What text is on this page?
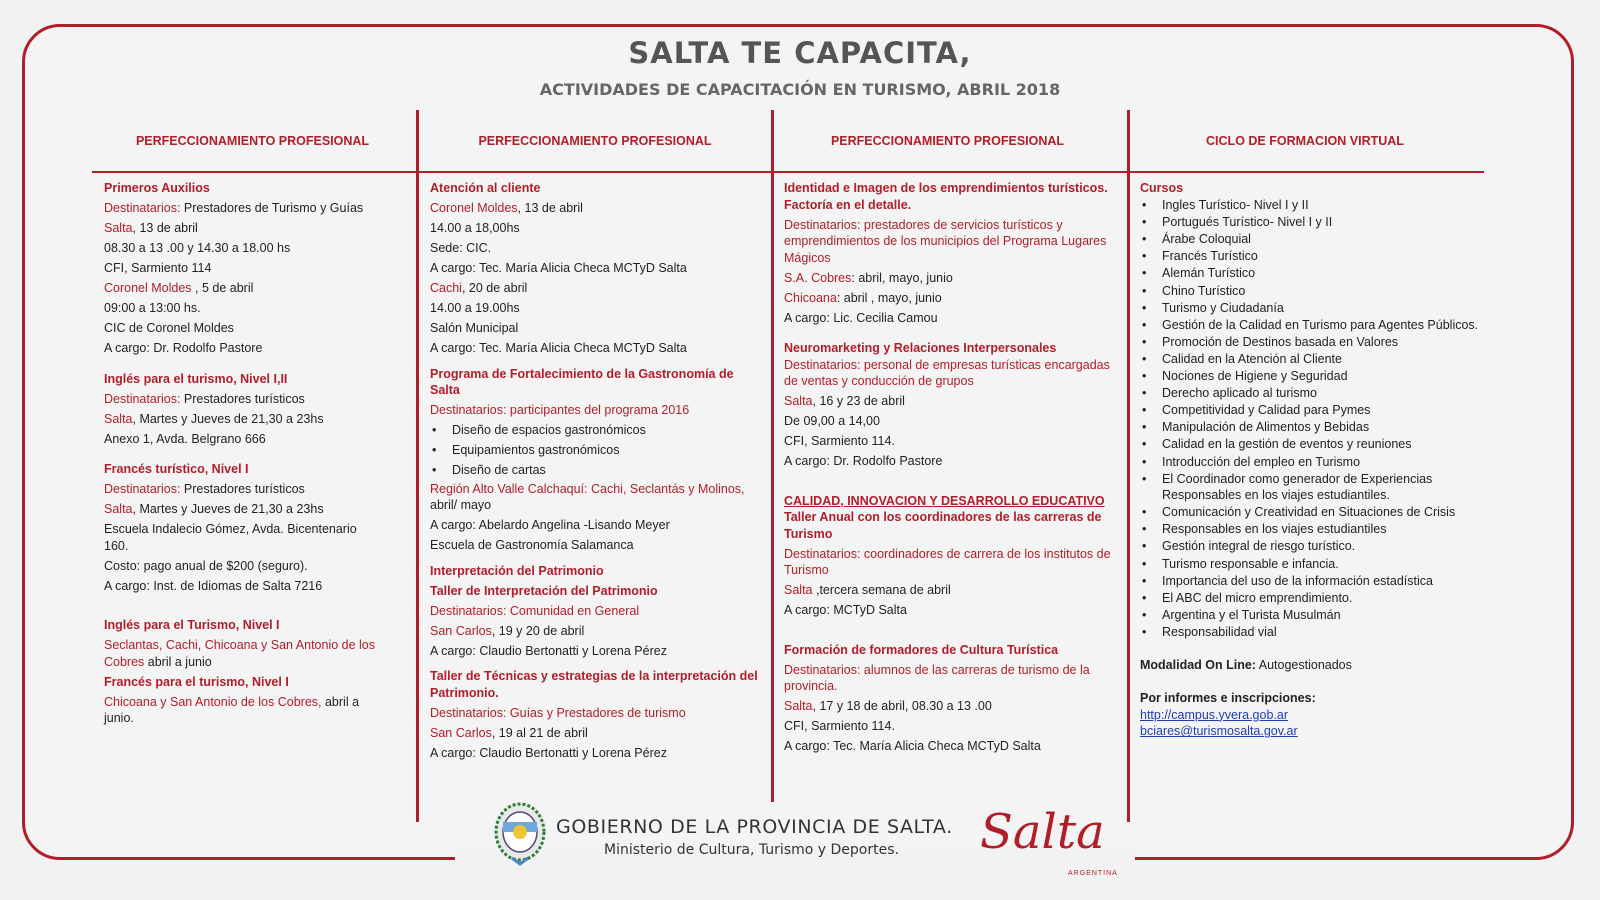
SALTA TE CAPACITA,
ACTIVIDADES DE CAPACITACIÓN EN TURISMO, ABRIL 2018
PERFECCIONAMIENTO PROFESIONAL	PERFECCIONAMIENTO PROFESIONAL	PERFECCIONAMIENTO PROFESIONAL	CICLO DE FORMACION VIRTUAL
Primeros Auxilios
Destinatarios: Prestadores de Turismo y Guías
Salta, 13 de abril
08.30 a 13 .00 y 14.30 a 18.00 hs
CFI, Sarmiento 114
Coronel Moldes , 5 de abril
09:00 a 13:00 hs.
CIC de Coronel Moldes
A cargo: Dr. Rodolfo Pastore
Inglés para el turismo, Nivel I,II
Destinatarios: Prestadores turísticos
Salta, Martes y Jueves de 21,30 a 23hs
Anexo 1, Avda. Belgrano 666
Francés turístico, Nivel I
Destinatarios: Prestadores turísticos
Salta, Martes y Jueves de 21,30 a 23hs
Escuela Indalecio Gómez, Avda. Bicentenario 160.
Costo: pago anual de $200 (seguro).
A cargo: Inst. de Idiomas de Salta 7216
Inglés para el Turismo, Nivel I
Seclantas, Cachi, Chicoana y San Antonio de los Cobres abril a junio
Francés para el turismo, Nivel I
Chicoana y San Antonio de los Cobres, abril a junio.
Atención al cliente
Coronel Moldes, 13 de abril
14.00 a 18,00hs
Sede: CIC.
A cargo: Tec. María Alicia Checa MCTyD Salta
Cachi, 20 de abril
14.00 a 19.00hs
Salón Municipal
A cargo: Tec. María Alicia Checa MCTyD Salta
Programa de Fortalecimiento de la Gastronomía de Salta
Destinatarios: participantes del programa 2016
• Diseño de espacios gastronómicos
• Equipamientos gastronómicos
• Diseño de cartas
Región Alto Valle Calchaquí: Cachi, Seclantás y Molinos, abril/ mayo
A cargo: Abelardo Angelina -Lisando Meyer
Escuela de Gastronomía Salamanca
Interpretación del Patrimonio
Taller de Interpretación del Patrimonio
Destinatarios: Comunidad en General
San Carlos, 19 y 20 de abril
A cargo: Claudio Bertonatti y Lorena Pérez
Taller de Técnicas y estrategias de la interpretación del Patrimonio.
Destinatarios: Guías y Prestadores de turismo
San Carlos, 19 al 21 de abril
A cargo: Claudio Bertonatti y Lorena Pérez
Identidad e Imagen de los emprendimientos turísticos. Factoría en el detalle.
Destinatarios: prestadores de servicios turísticos y emprendimientos de los municipios del Programa Lugares Mágicos
S.A. Cobres: abril, mayo, junio
Chicoana: abril , mayo, junio
A cargo: Lic. Cecilia Camou
Neuromarketing y Relaciones Interpersonales
Destinatarios: personal de empresas turísticas encargadas de ventas y conducción de grupos
Salta, 16 y 23 de abril
De 09,00 a 14,00
CFI, Sarmiento 114.
A cargo: Dr. Rodolfo Pastore
CALIDAD, INNOVACION Y DESARROLLO EDUCATIVO
Taller Anual con los coordinadores de las carreras de Turismo
Destinatarios: coordinadores de carrera de los institutos de Turismo
Salta ,tercera semana de abril
A cargo: MCTyD Salta
Formación de formadores de Cultura Turística
Destinatarios: alumnos de las carreras de turismo de la provincia.
Salta, 17 y 18 de abril, 08.30 a 13 .00
CFI, Sarmiento 114.
A cargo: Tec. María Alicia Checa MCTyD Salta
Cursos
• Ingles Turístico- Nivel I y II
• Portugués Turístico- Nivel I y II
• Árabe Coloquial
• Francés Turístico
• Alemán Turístico
• Chino Turístico
• Turismo y Ciudadanía
• Gestión de la Calidad en Turismo para Agentes Públicos.
• Promoción de Destinos basada en Valores
• Calidad en la Atención al Cliente
• Nociones de Higiene y Seguridad
• Derecho aplicado al turismo
• Competitividad y Calidad para Pymes
• Manipulación de Alimentos y Bebidas
• Calidad en la gestión de eventos y reuniones
• Introducción del empleo en Turismo
• El Coordinador como generador de Experiencias Responsables en los viajes estudiantiles.
• Comunicación y Creatividad en Situaciones de Crisis
• Responsables en los viajes estudiantiles
• Gestión integral de riesgo turístico.
• Turismo responsable e infancia.
• Importancia del uso de la información estadística
• El ABC del micro emprendimiento.
• Argentina y el Turista Musulmán
• Responsabilidad vial
Modalidad On Line: Autogestionados
Por informes e inscripciones:
http://campus.yvera.gob.ar
bciares@turismosalta.gov.ar
GOBIERNO DE LA PROVINCIA DE SALTA.
Ministerio de Cultura, Turismo y Deportes. Salta
ARGENTINA
